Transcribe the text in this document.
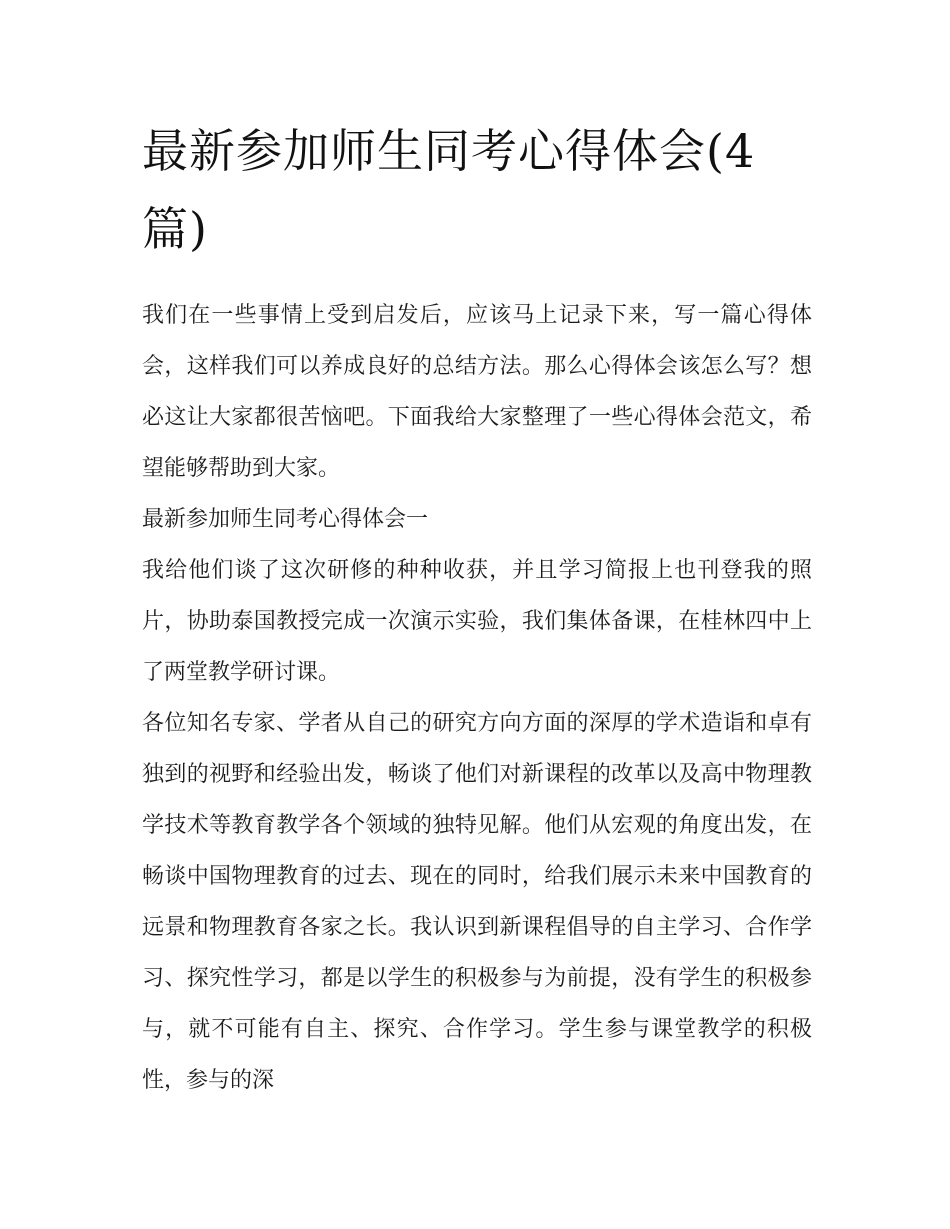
最新参加师生同考心得体会(4篇)

我们在一些事情上受到启发后，应该马上记录下来，写一篇心得体会，这样我们可以养成良好的总结方法。那么心得体会该怎么写？想必这让大家都很苦恼吧。下面我给大家整理了一些心得体会范文，希望能够帮助到大家。

最新参加师生同考心得体会一

我给他们谈了这次研修的种种收获，并且学习简报上也刊登我的照片，协助泰国教授完成一次演示实验，我们集体备课，在桂林四中上了两堂教学研讨课。

各位知名专家、学者从自己的研究方向方面的深厚的学术造诣和卓有独到的视野和经验出发，畅谈了他们对新课程的改革以及高中物理教学技术等教育教学各个领域的独特见解。他们从宏观的角度出发，在畅谈中国物理教育的过去、现在的同时，给我们展示未来中国教育的远景和物理教育各家之长。我认识到新课程倡导的自主学习、合作学习、探究性学习，都是以学生的积极参与为前提，没有学生的积极参与，就不可能有自主、探究、合作学习。学生参与课堂教学的积极性，参与的深
